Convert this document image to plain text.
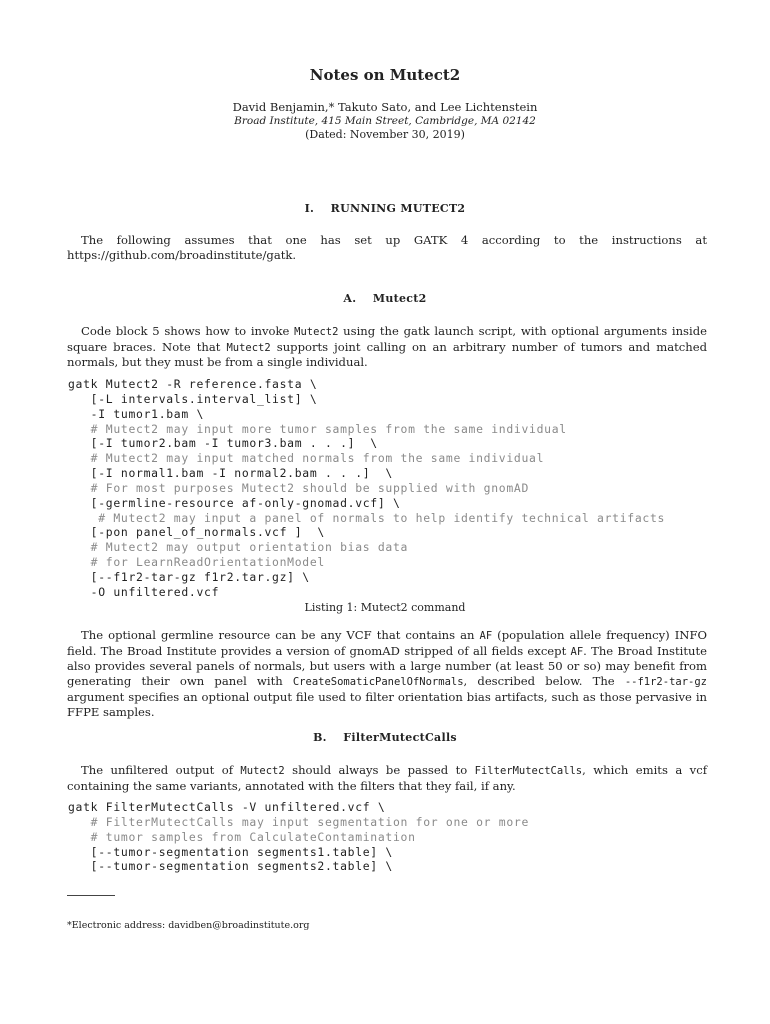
Notes on Mutect2
David Benjamin,* Takuto Sato, and Lee Lichtenstein
Broad Institute, 415 Main Street, Cambridge, MA 02142
(Dated: November 30, 2019)
I.    RUNNING MUTECT2
The following assumes that one has set up GATK 4 according to the instructions at
https://github.com/broadinstitute/gatk.
A.    Mutect2

Code block 5 shows how to invoke Mutect2 using the gatk launch script, with optional arguments inside square braces. Note that Mutect2 supports joint calling on an arbitrary number of tumors and matched normals, but they must be from a single individual.

gatk Mutect2 -R reference.fasta \
[-L intervals.interval_list] \
-I tumor1.bam \
# Mutect2 may input more tumor samples from the same individual
[-I tumor2.bam -I tumor3.bam . . .]  \
# Mutect2 may input matched normals from the same individual
[-I normal1.bam -I normal2.bam . . .]  \
# For most purposes Mutect2 should be supplied with gnomAD
[-germline-resource af-only-gnomad.vcf] \
# Mutect2 may input a panel of normals to help identify technical artifacts
[-pon panel_of_normals.vcf ]  \
# Mutect2 may output orientation bias data
# for LearnReadOrientationModel
[--f1r2-tar-gz f1r2.tar.gz] \
-O unfiltered.vcf
Listing 1: Mutect2 command

The optional germline resource can be any VCF that contains an AF (population allele frequency) INFO field. The Broad Institute provides a version of gnomAD stripped of all fields except AF. The Broad Institute also provides several panels of normals, but users with a large number (at least 50 or so) may benefit from generating their own panel with CreateSomaticPanelOfNormals, described below. The --f1r2-tar-gz argument specifies an optional output file used to filter orientation bias artifacts, such as those pervasive in FFPE samples.

B.    FilterMutectCalls

The unfiltered output of Mutect2 should always be passed to FilterMutectCalls, which emits a vcf containing the same variants, annotated with the filters that they fail, if any.

gatk FilterMutectCalls -V unfiltered.vcf \
# FilterMutectCalls may input segmentation for one or more
# tumor samples from CalculateContamination
[--tumor-segmentation segments1.table] \
[--tumor-segmentation segments2.table] \
*Electronic address: davidben@broadinstitute.org
